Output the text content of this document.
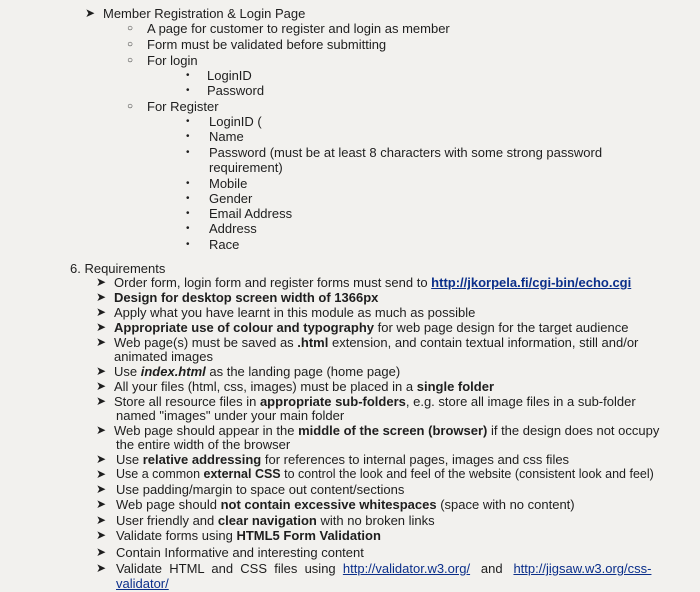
➤ Member Registration & Login Page
○ A page for customer to register and login as member
○ Form must be validated before submitting
○ For login
• LoginID
• Password
○ For Register
• LoginID (
• Name
• Password (must be at least 8 characters with some strong password
requirement)
• Mobile
• Gender
• Email Address
• Address
• Race
6. Requirements
➤ Order form, login form and register forms must send to http://jkorpela.fi/cgi-bin/echo.cgi
➤ Design for desktop screen width of 1366px
➤ Apply what you have learnt in this module as much as possible
➤ Appropriate use of colour and typography for web page design for the target audience
➤ Web page(s) must be saved as .html extension, and contain textual information, still and/or
animated images
➤ Use index.html as the landing page (home page)
➤ All your files (html, css, images) must be placed in a single folder
➤ Store all resource files in appropriate sub-folders, e.g. store all image files in a sub-folder
named "images" under your main folder
➤ Web page should appear in the middle of the screen (browser) if the design does not occupy
the entire width of the browser
➤ Use relative addressing for references to internal pages, images and css files
➤ Use a common external CSS to control the look and feel of the website (consistent look and feel)
➤ Use padding/margin to space out content/sections
➤ Web page should not contain excessive whitespaces (space with no content)
➤ User friendly and clear navigation with no broken links
➤ Validate forms using HTML5 Form Validation
➤ Contain Informative and interesting content
➤ Validate  HTML  and  CSS  files  using  http://validator.w3.org/   and   http://jigsaw.w3.org/css-
validator/
